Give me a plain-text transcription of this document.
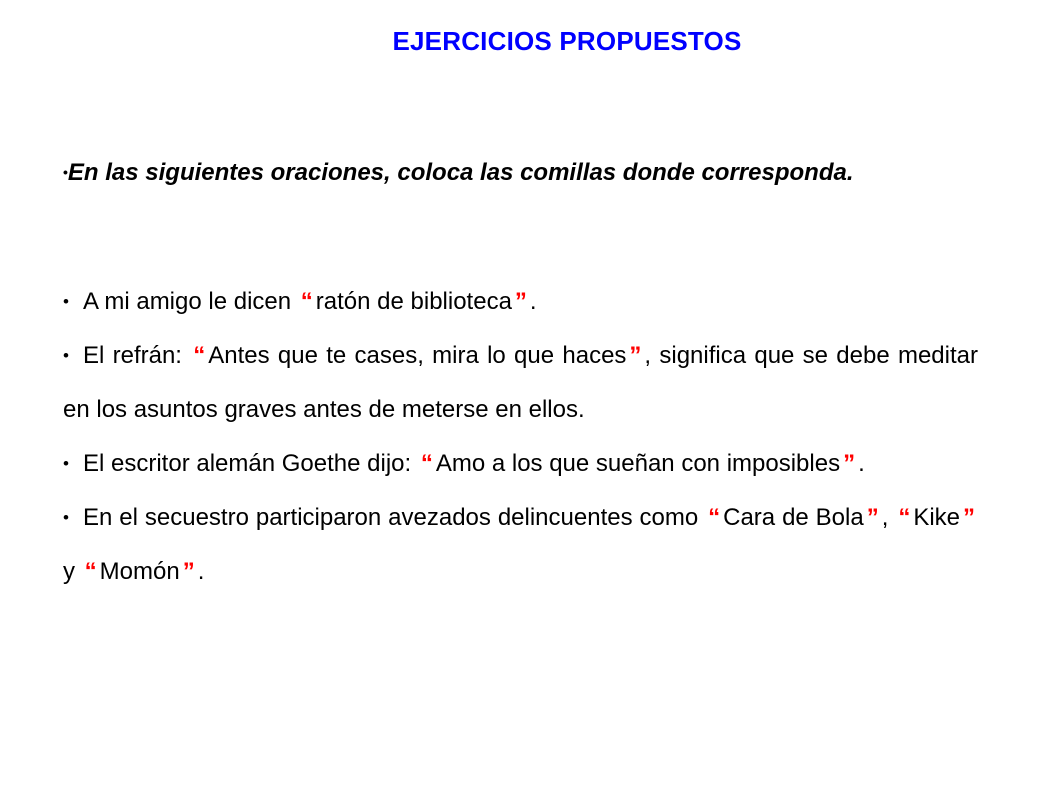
EJERCICIOS PROPUESTOS

•En las siguientes oraciones, coloca las comillas donde corresponda.

• A mi amigo le dicen “ ratón de biblioteca ” .
• El refrán: “ Antes que te cases, mira lo que haces ” , significa que se debe meditar en los asuntos graves antes de meterse en ellos.
• El escritor alemán Goethe dijo: “ Amo a los que sueñan con imposibles ” .
• En el secuestro participaron avezados delincuentes como “ Cara de Bola ” , “ Kike ” y “ Momón ” .
